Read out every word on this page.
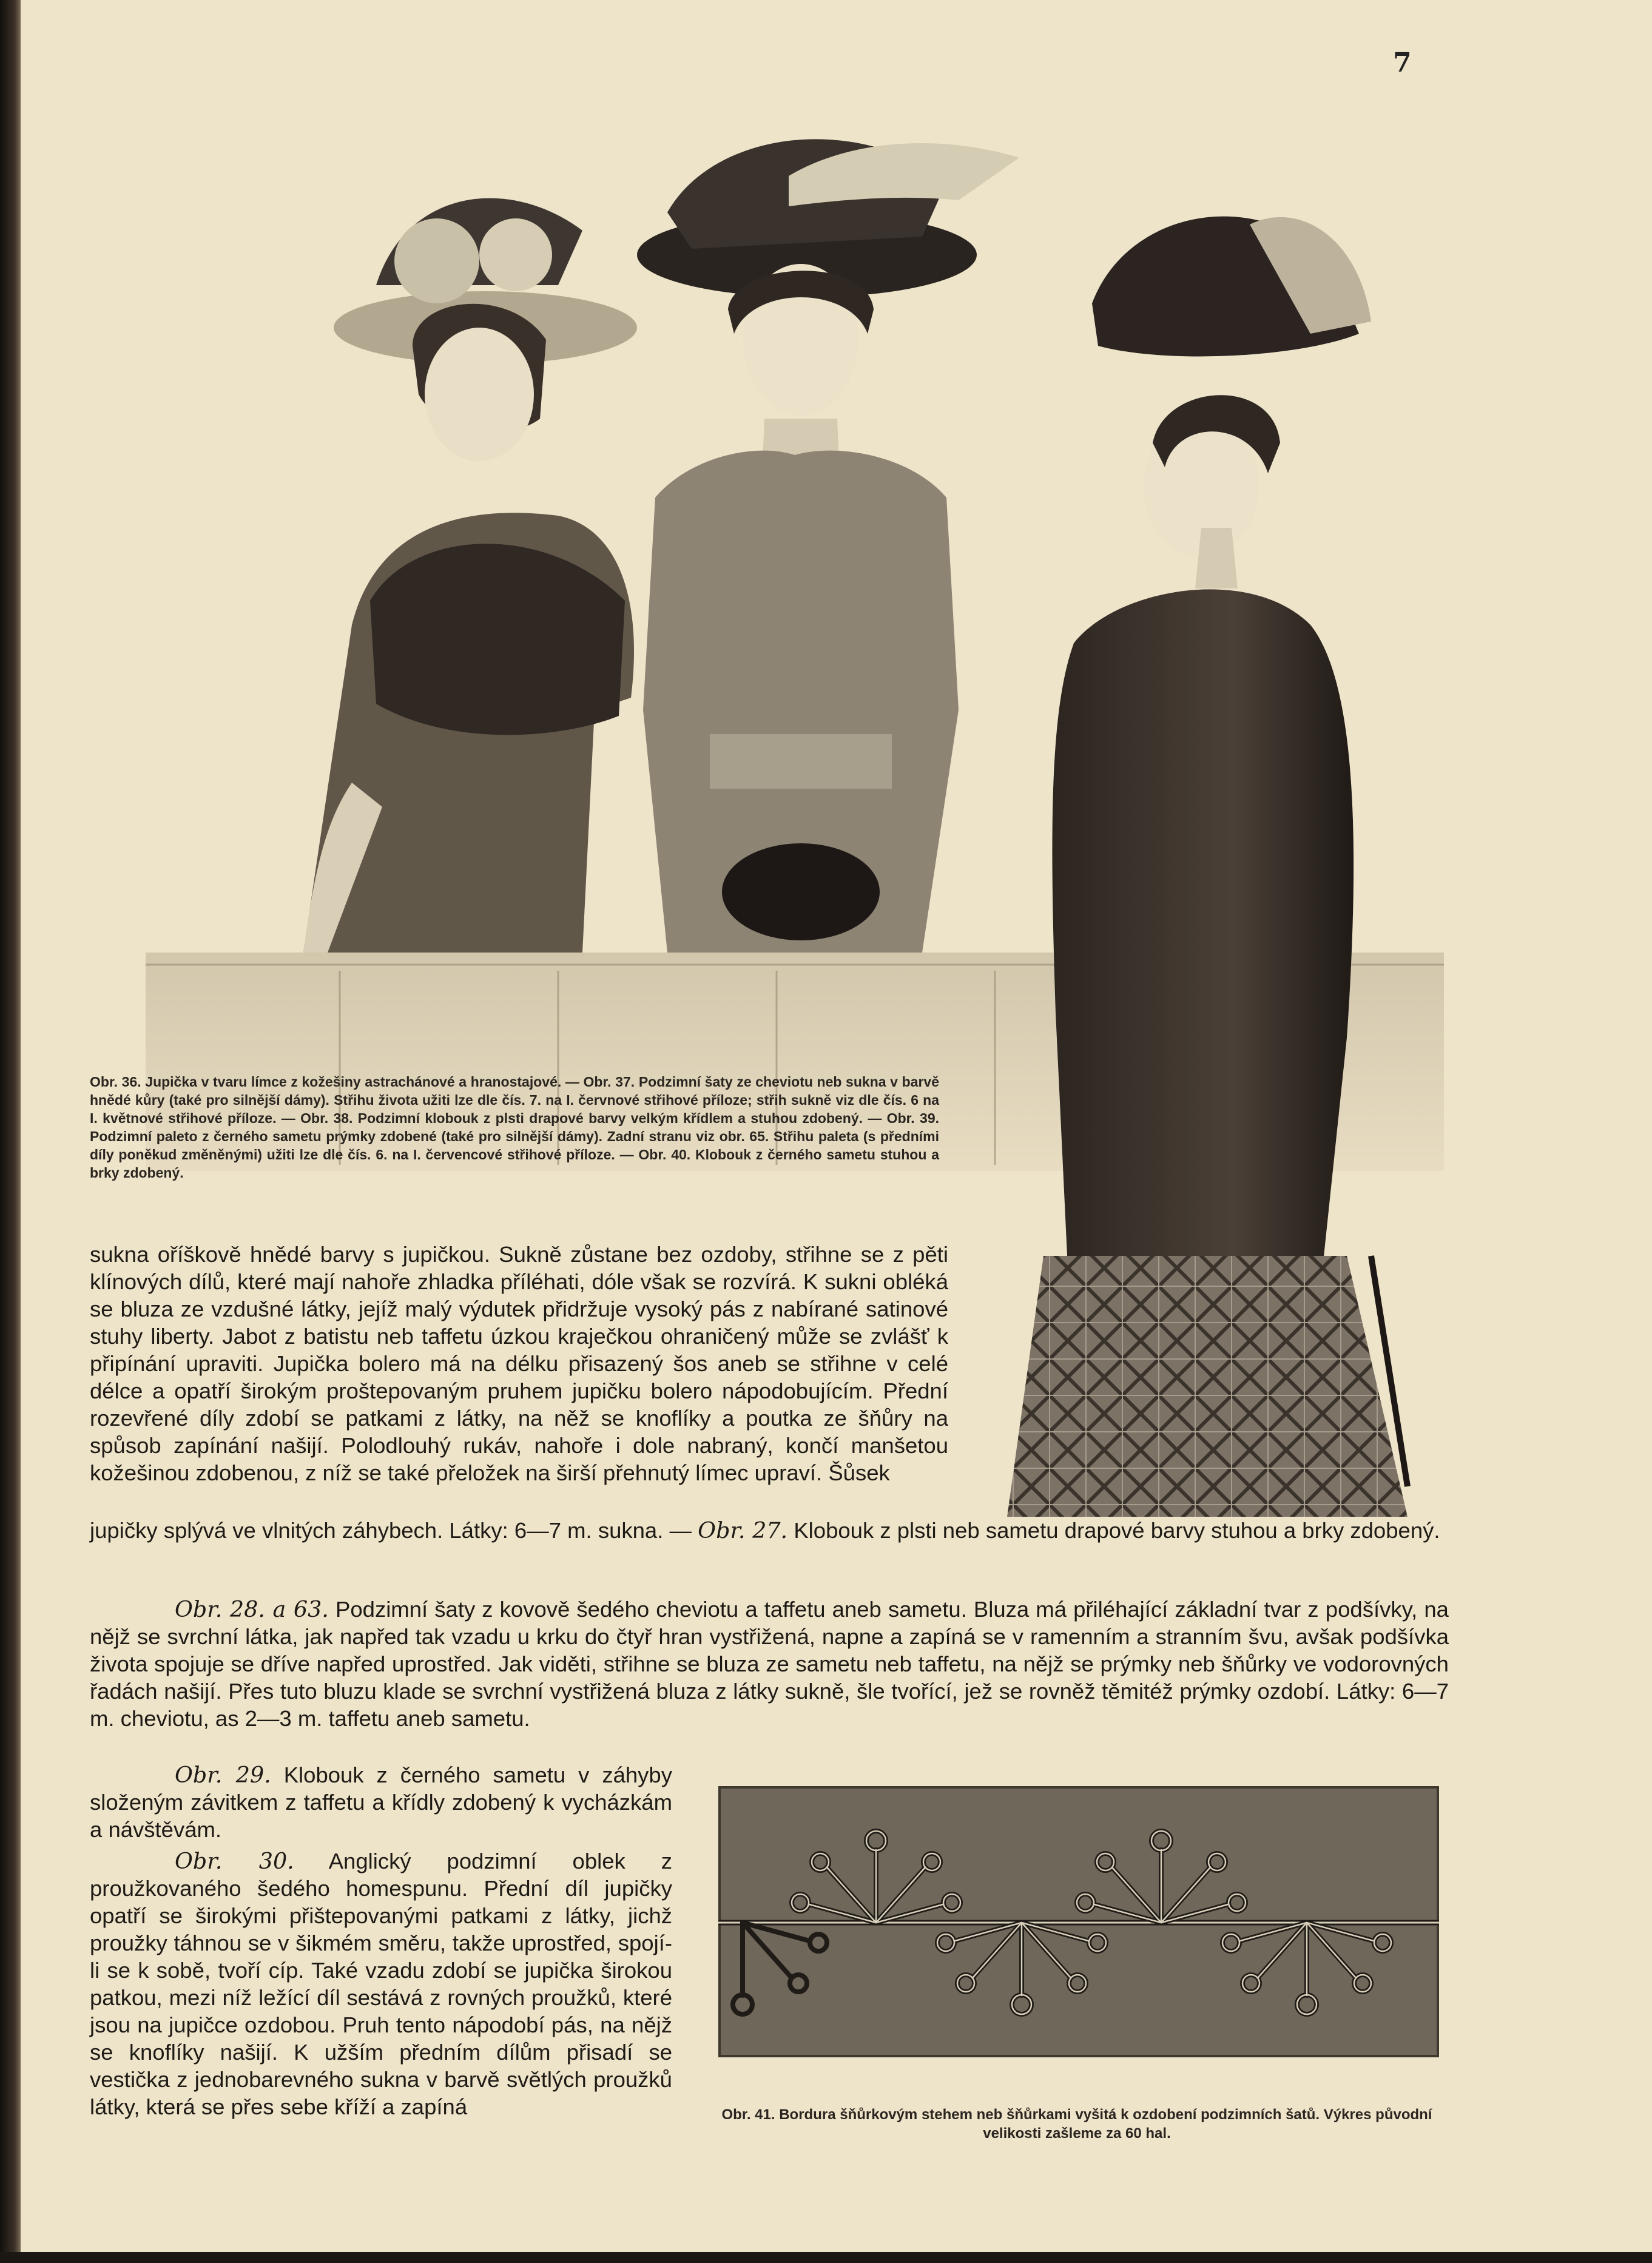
7
Obr. 36. Jupička v tvaru límce z kožešiny astrachánové a hranostajové. — Obr. 37. Podzimní šaty ze cheviotu neb sukna v barvě hnědé kůry (také pro silnější dámy). Střihu života užiti lze dle čís. 7. na I. červnové střihové příloze; střih sukně viz dle čís. 6 na I. květnové střihové příloze. — Obr. 38. Podzimní klobouk z plsti drapové barvy velkým křídlem a stuhou zdobený. — Obr. 39. Podzimní paleto z černého sametu prýmky zdobené (také pro silnější dámy). Zadní stranu viz obr. 65. Střihu paleta (s předními díly poněkud změněnými) užiti lze dle čís. 6. na I. červencové střihové příloze. — Obr. 40. Klobouk z černého sametu stuhou a brky zdobený.

sukna oříškově hnědé barvy s jupičkou. Sukně zůstane bez ozdoby, střihne se z pěti klínových dílů, které mají nahoře zhladka příléhati, dóle však se rozvírá. K sukni obléká se bluza ze vzdušné látky, jejíž malý výdutek přidržuje vysoký pás z nabírané satinové stuhy liberty. Jabot z batistu neb taffetu úzkou kraječkou ohraničený může se zvlášť k připínání upraviti. Jupička bolero má na délku přisazený šos aneb se střihne v celé délce a opatří širokým proštepovaným pruhem jupičku bolero nápodobujícím. Přední rozevřené díly zdobí se patkami z látky, na něž se knoflíky a poutka ze šňůry na spůsob zapínání našijí. Polodlouhý rukáv, nahoře i dole nabraný, končí manšetou kožešinou zdobenou, z níž se také přeložek na širší přehnutý límec upraví. Šůsek

jupičky splývá ve vlnitých záhybech. Látky: 6—7 m. sukna. — Obr. 27. Klobouk z plsti neb sametu drapové barvy stuhou a brky zdobený.

Obr. 28. a 63. Podzimní šaty z kovově šedého cheviotu a taffetu aneb sametu. Bluza má přiléhající základní tvar z podšívky, na nějž se svrchní látka, jak napřed tak vzadu u krku do čtyř hran vystřižená, napne a zapíná se v ramenním a stranním švu, avšak podšívka života spojuje se dříve napřed uprostřed. Jak viděti, střihne se bluza ze sametu neb taffetu, na nějž se prýmky neb šňůrky ve vodorovných řadách našijí. Přes tuto bluzu klade se svrchní vystřižená bluza z látky sukně, šle tvořící, jež se rovněž těmitéž prýmky ozdobí. Látky: 6—7 m. cheviotu, as 2—3 m. taffetu aneb sametu.

Obr. 29. Klobouk z černého sametu v záhyby složeným závitkem z taffetu a křídly zdobený k vycházkám a návštěvám.

Obr. 30. Anglický podzimní oblek z proužkovaného šedého homespunu. Přední díl jupičky opatří se širokými přištepovanými patkami z látky, jichž proužky táhnou se v šikmém směru, takže uprostřed, spojí-li se k sobě, tvoří cíp. Také vzadu zdobí se jupička širokou patkou, mezi níž ležící díl sestává z rovných proužků, které jsou na jupičce ozdobou. Pruh tento nápodobí pás, na nějž se knoflíky našijí. K užším předním dílům přisadí se vestička z jednobarevného sukna v barvě světlých proužků látky, která se přes sebe kříží a zapíná	Obr. 41. Bordura šňůrkovým stehem neb šňůrkami vyšitá k ozdobení podzimních šatů. Výkres původní velikosti zašleme za 60 hal.
